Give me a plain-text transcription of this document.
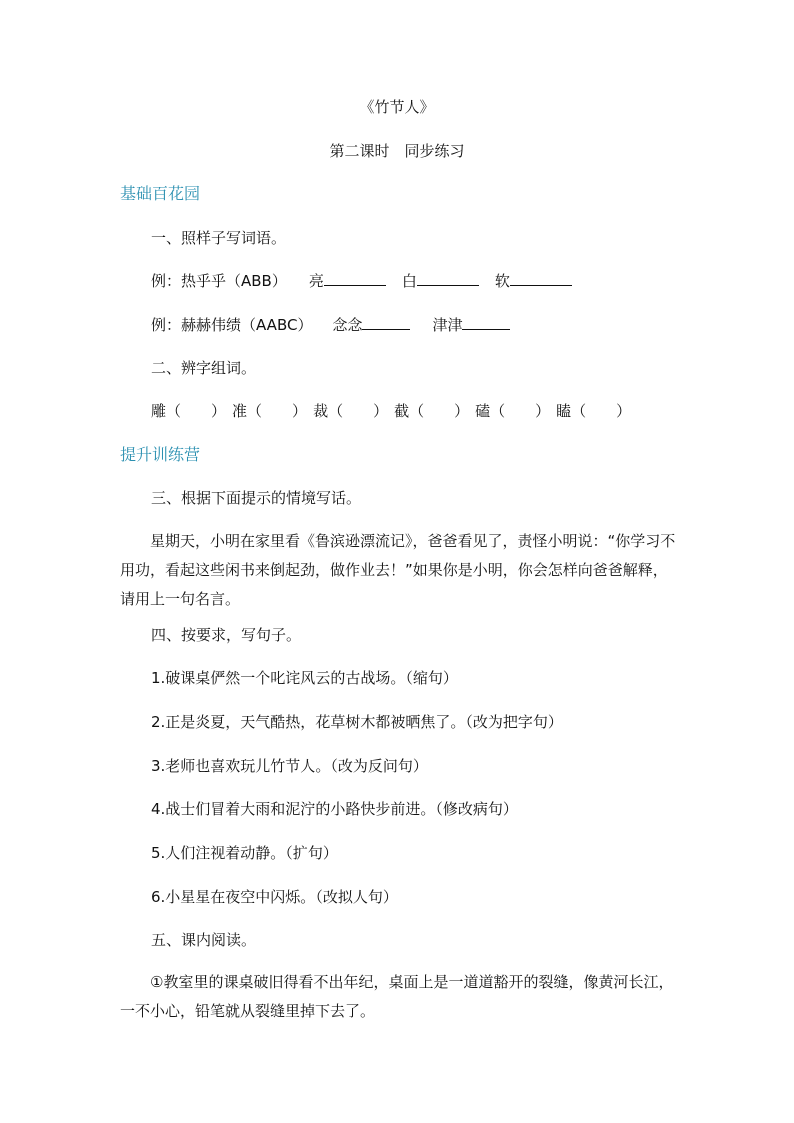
《竹节人》
第二课时　同步练习
基础百花园
一、照样子写词语。
例：热乎乎（ABB） 亮	白	软
例：赫赫伟绩（AABC） 念念	津津
二、辨字组词。
雕（　　） 准（　　） 裁（　　） 截（　　） 磕（　　） 瞌（　　）
提升训练营
三、根据下面提示的情境写话。
星期天，小明在家里看《鲁滨逊漂流记》，爸爸看见了，责怪小明说：“你学习不用功，看起这些闲书来倒起劲，做作业去！”如果你是小明，你会怎样向爸爸解释，请用上一句名言。
四、按要求，写句子。
1.破课桌俨然一个叱诧风云的古战场。（缩句）
2.正是炎夏，天气酷热，花草树木都被晒焦了。（改为把字句）
3.老师也喜欢玩儿竹节人。（改为反问句）
4.战士们冒着大雨和泥泞的小路快步前进。（修改病句）
5.人们注视着动静。（扩句）
6.小星星在夜空中闪烁。（改拟人句）
五、课内阅读。
①教室里的课桌破旧得看不出年纪，桌面上是一道道豁开的裂缝，像黄河长江，一不小心，铅笔就从裂缝里掉下去了。
